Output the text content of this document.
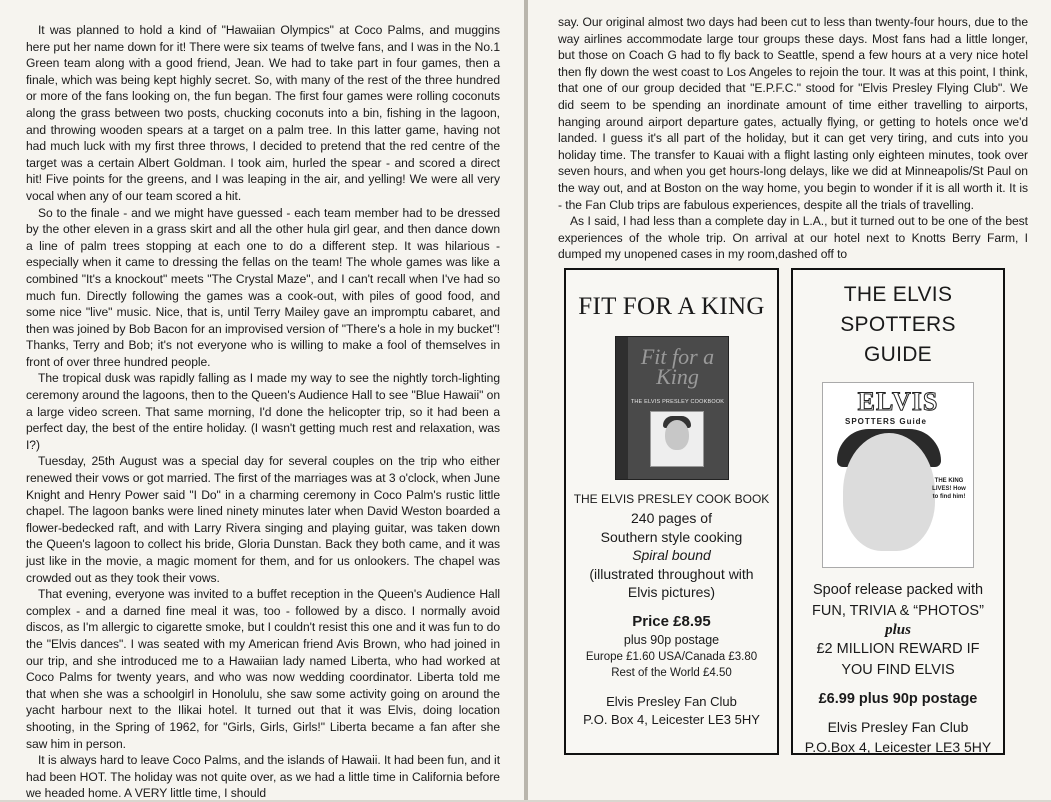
It was planned to hold a kind of "Hawaiian Olympics" at Coco Palms, and muggins here put her name down for it! There were six teams of twelve fans, and I was in the No.1 Green team along with a good friend, Jean. We had to take part in four games, then a finale, which was being kept highly secret. So, with many of the rest of the three hundred or more of the fans looking on, the fun began. The first four games were rolling coconuts along the grass between two posts, chucking coconuts into a bin, fishing in the lagoon, and throwing wooden spears at a target on a palm tree. In this latter game, having not had much luck with my first three throws, I decided to pretend that the red centre of the target was a certain Albert Goldman. I took aim, hurled the spear - and scored a direct hit! Five points for the greens, and I was leaping in the air, and yelling! We were all very vocal when any of our team scored a hit.

So to the finale - and we might have guessed - each team member had to be dressed by the other eleven in a grass skirt and all the other hula girl gear, and then dance down a line of palm trees stopping at each one to do a different step. It was hilarious - especially when it came to dressing the fellas on the team! The whole games was like a combined "It's a knockout" meets "The Crystal Maze", and I can't recall when I've had so much fun. Directly following the games was a cook-out, with piles of good food, and some nice "live" music. Nice, that is, until Terry Mailey gave an impromptu cabaret, and then was joined by Bob Bacon for an improvised version of "There's a hole in my bucket"! Thanks, Terry and Bob; it's not everyone who is willing to make a fool of themselves in front of over three hundred people.

The tropical dusk was rapidly falling as I made my way to see the nightly torch-lighting ceremony around the lagoons, then to the Queen's Audience Hall to see "Blue Hawaii" on a large video screen. That same morning, I'd done the helicopter trip, so it had been a perfect day, the best of the entire holiday. (I wasn't getting much rest and relaxation, was I?)

Tuesday, 25th August was a special day for several couples on the trip who either renewed their vows or got married. The first of the marriages was at 3 o'clock, when June Knight and Henry Power said "I Do" in a charming ceremony in Coco Palm's rustic little chapel. The lagoon banks were lined ninety minutes later when David Weston boarded a flower-bedecked raft, and with Larry Rivera singing and playing guitar, was taken down the Queen's lagoon to collect his bride, Gloria Dunstan. Back they both came, and it was just like in the movie, a magic moment for them, and for us onlookers. The chapel was crowded out as they took their vows.

That evening, everyone was invited to a buffet reception in the Queen's Audience Hall complex - and a darned fine meal it was, too - followed by a disco. I normally avoid discos, as I'm allergic to cigarette smoke, but I couldn't resist this one and it was fun to do the "Elvis dances". I was seated with my American friend Avis Brown, who had joined in our trip, and she introduced me to a Hawaiian lady named Liberta, who had worked at Coco Palms for twenty years, and who was now wedding coordinator. Liberta told me that when she was a schoolgirl in Honolulu, she saw some activity going on around the yacht harbour next to the Ilikai hotel. It turned out that it was Elvis, doing location shooting, in the Spring of 1962, for "Girls, Girls, Girls!" Liberta became a fan after she saw him in person.

It is always hard to leave Coco Palms, and the islands of Hawaii. It had been fun, and it had been HOT. The holiday was not quite over, as we had a little time in California before we headed home. A VERY little time, I should

say. Our original almost two days had been cut to less than twenty-four hours, due to the way airlines accommodate large tour groups these days. Most fans had a little longer, but those on Coach G had to fly back to Seattle, spend a few hours at a very nice hotel then fly down the west coast to Los Angeles to rejoin the tour. It was at this point, I think, that one of our group decided that "E.P.F.C." stood for "Elvis Presley Flying Club". We did seem to be spending an inordinate amount of time either travelling to airports, hanging around airport departure gates, actually flying, or getting to hotels once we'd landed. I guess it's all part of the holiday, but it can get very tiring, and cuts into you holiday time. The transfer to Kauai with a flight lasting only eighteen minutes, took over seven hours, and when you get hours-long delays, like we did at Minneapolis/St Paul on the way out, and at Boston on the way home, you begin to wonder if it is all worth it. It is - the Fan Club trips are fabulous experiences, despite all the trials of travelling.

As I said, I had less than a complete day in L.A., but it turned out to be one of the best experiences of the whole trip. On arrival at our hotel next to Knotts Berry Farm, I dumped my unopened cases in my room,dashed off to

FIT FOR A KING
Fit for a King
THE ELVIS PRESLEY COOKBOOK

THE ELVIS PRESLEY COOK BOOK

240 pages of

Southern style cooking

Spiral bound

(illustrated throughout with

Elvis pictures)

Price £8.95

plus 90p postage

Europe £1.60 USA/Canada £3.80

Rest of the World £4.50

Elvis Presley Fan Club

P.O. Box 4, Leicester LE3 5HY

THE ELVIS SPOTTERS
GUIDE
ELVIS
SPOTTERS Guide
THE KING LIVES! How to find him!

Spoof release packed with

FUN, TRIVIA & “PHOTOS”

plus

£2 MILLION REWARD IF

YOU FIND ELVIS

£6.99 plus 90p postage

Elvis Presley Fan Club

P.O.Box 4, Leicester LE3 5HY
